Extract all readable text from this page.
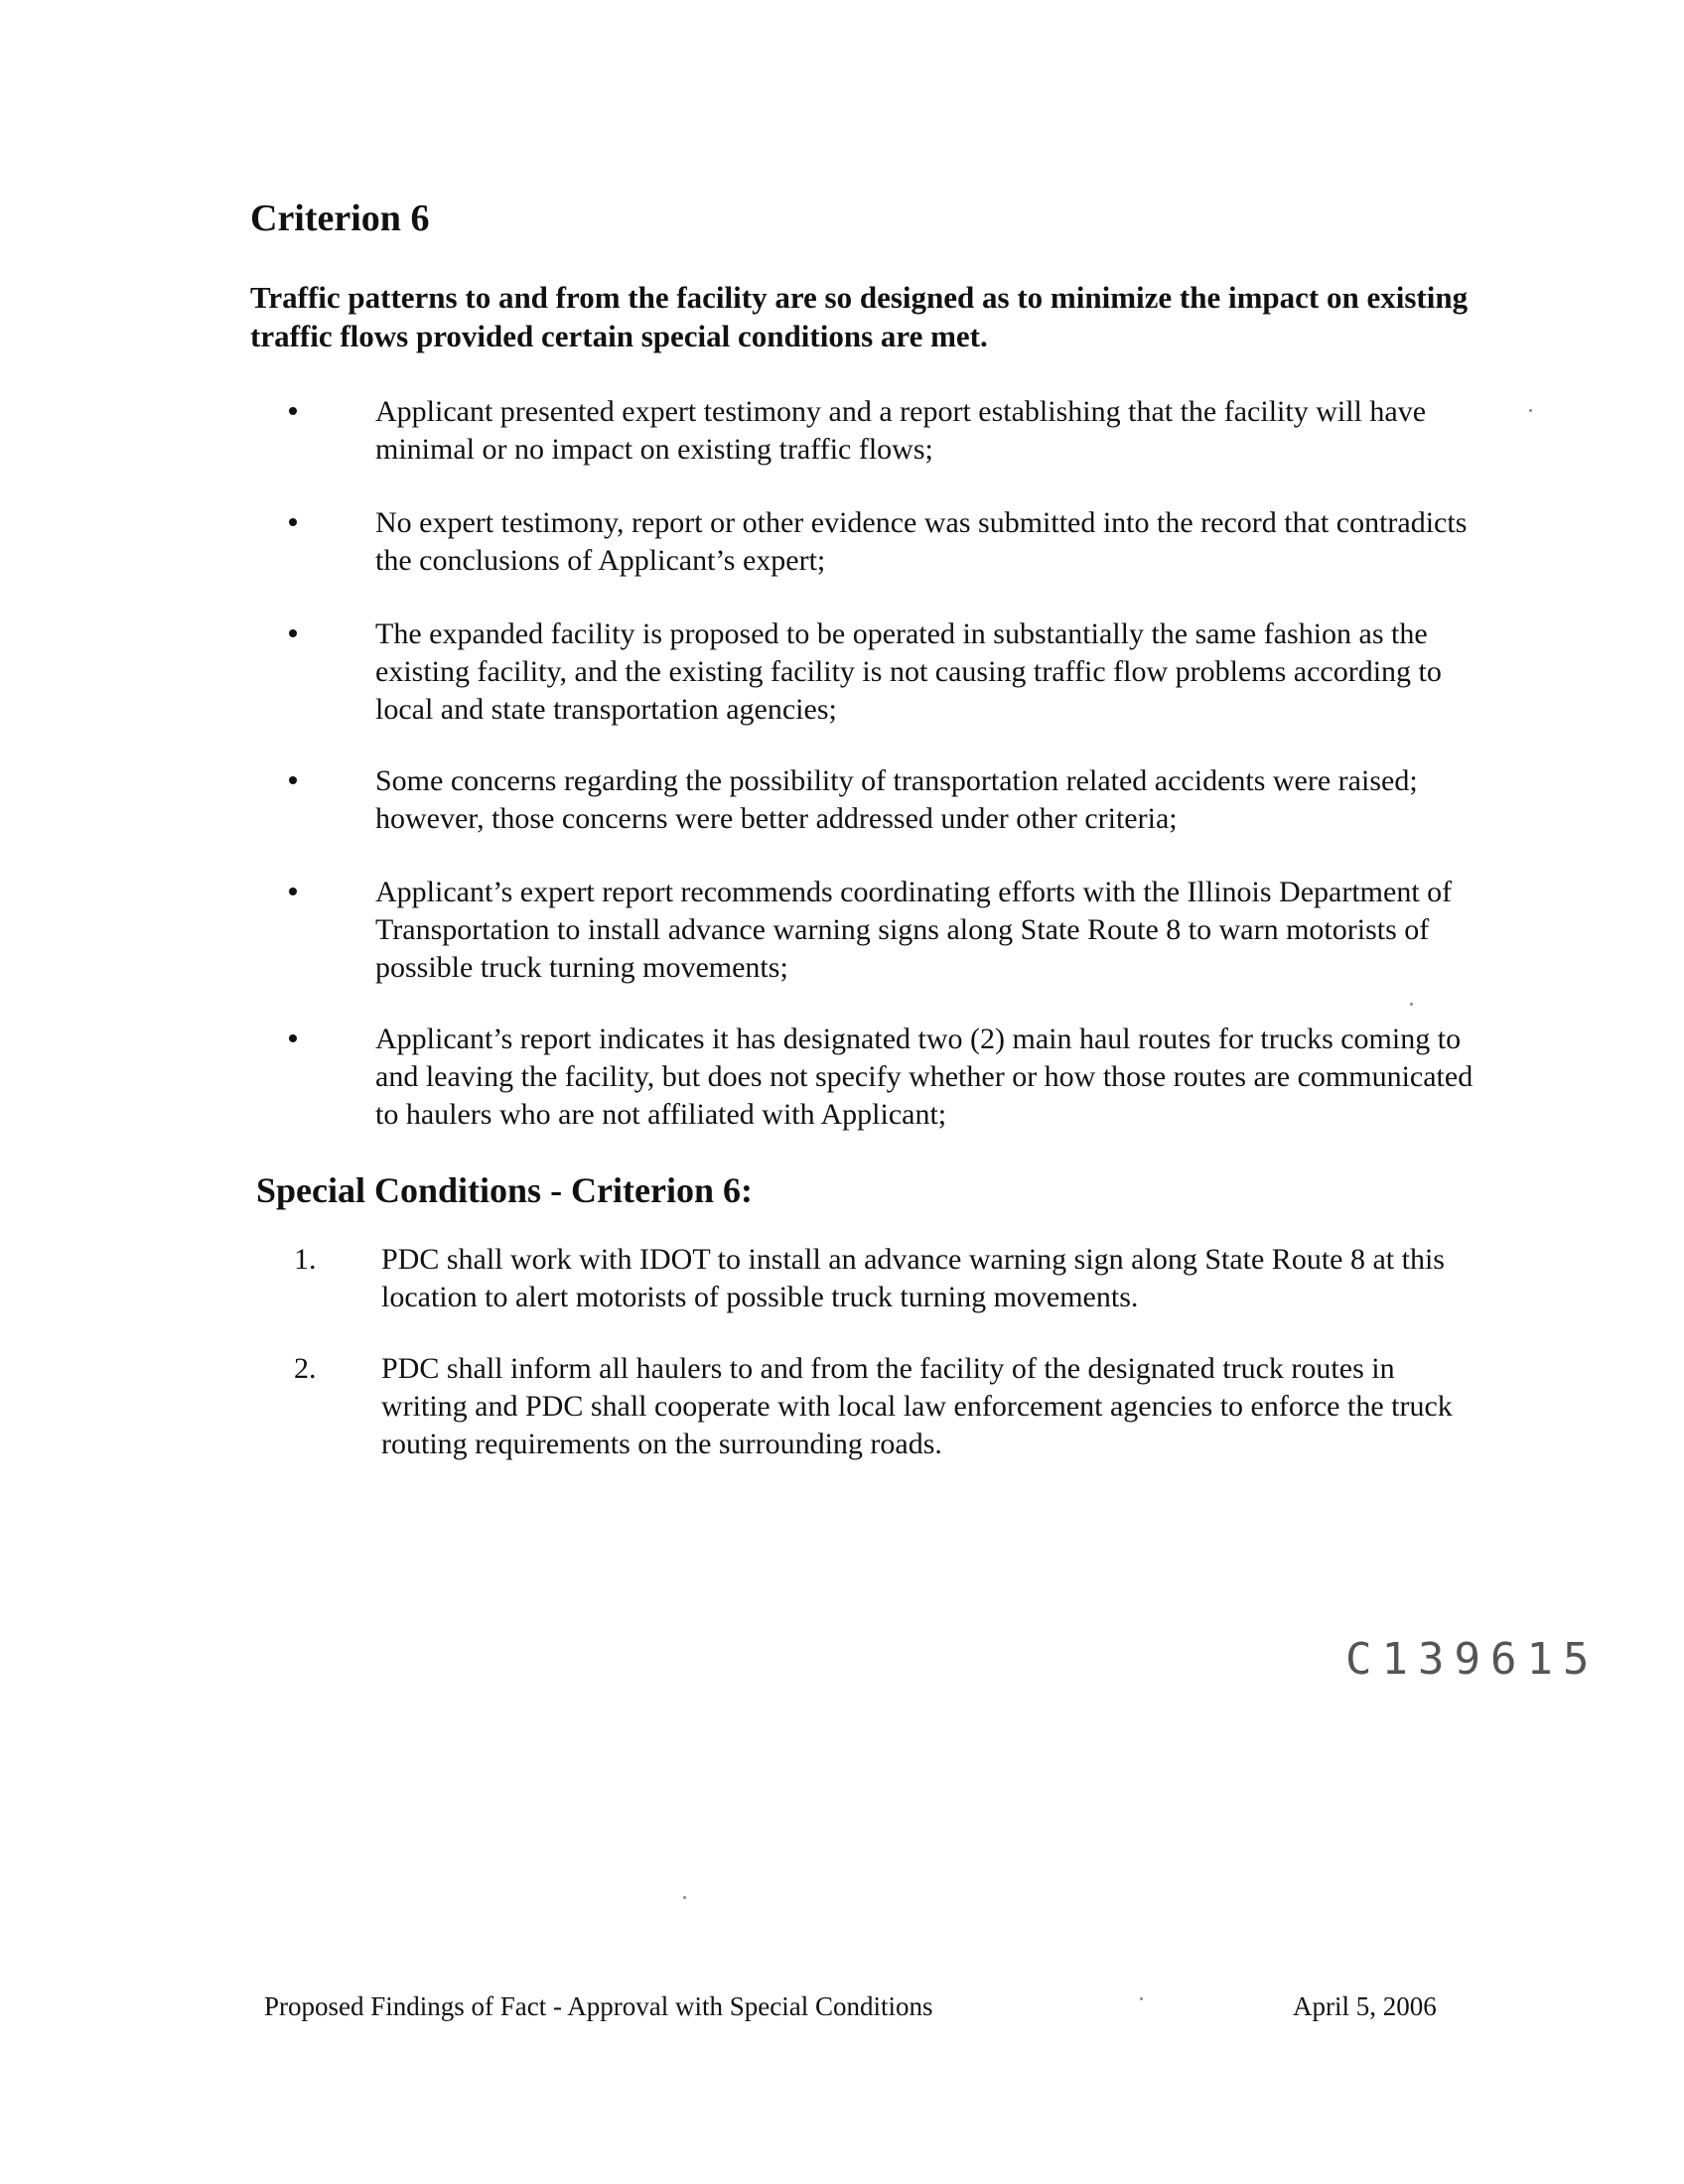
Criterion 6

Traffic patterns to and from the facility are so designed as to minimize the impact on existing traffic flows provided certain special conditions are met.

Applicant presented expert testimony and a report establishing that the facility will have minimal or no impact on existing traffic flows;

No expert testimony, report or other evidence was submitted into the record that contradicts the conclusions of Applicant’s expert;

The expanded facility is proposed to be operated in substantially the same fashion as the existing facility, and the existing facility is not causing traffic flow problems according to local and state transportation agencies;

Some concerns regarding the possibility of transportation related accidents were raised; however, those concerns were better addressed under other criteria;

Applicant’s expert report recommends coordinating efforts with the Illinois Department of Transportation to install advance warning signs along State Route 8 to warn motorists of possible truck turning movements;

Applicant’s report indicates it has designated two (2) main haul routes for trucks coming to and leaving the facility, but does not specify whether or how those routes are communicated to haulers who are not affiliated with Applicant;

Special Conditions - Criterion 6:
1. PDC shall work with IDOT to install an advance warning sign along State Route 8 at this location to alert motorists of possible truck turning movements.

2. PDC shall inform all haulers to and from the facility of the designated truck routes in writing and PDC shall cooperate with local law enforcement agencies to enforce the truck routing requirements on the surrounding roads.

C139615
Proposed Findings of Fact - Approval with Special Conditions	April 5, 2006
